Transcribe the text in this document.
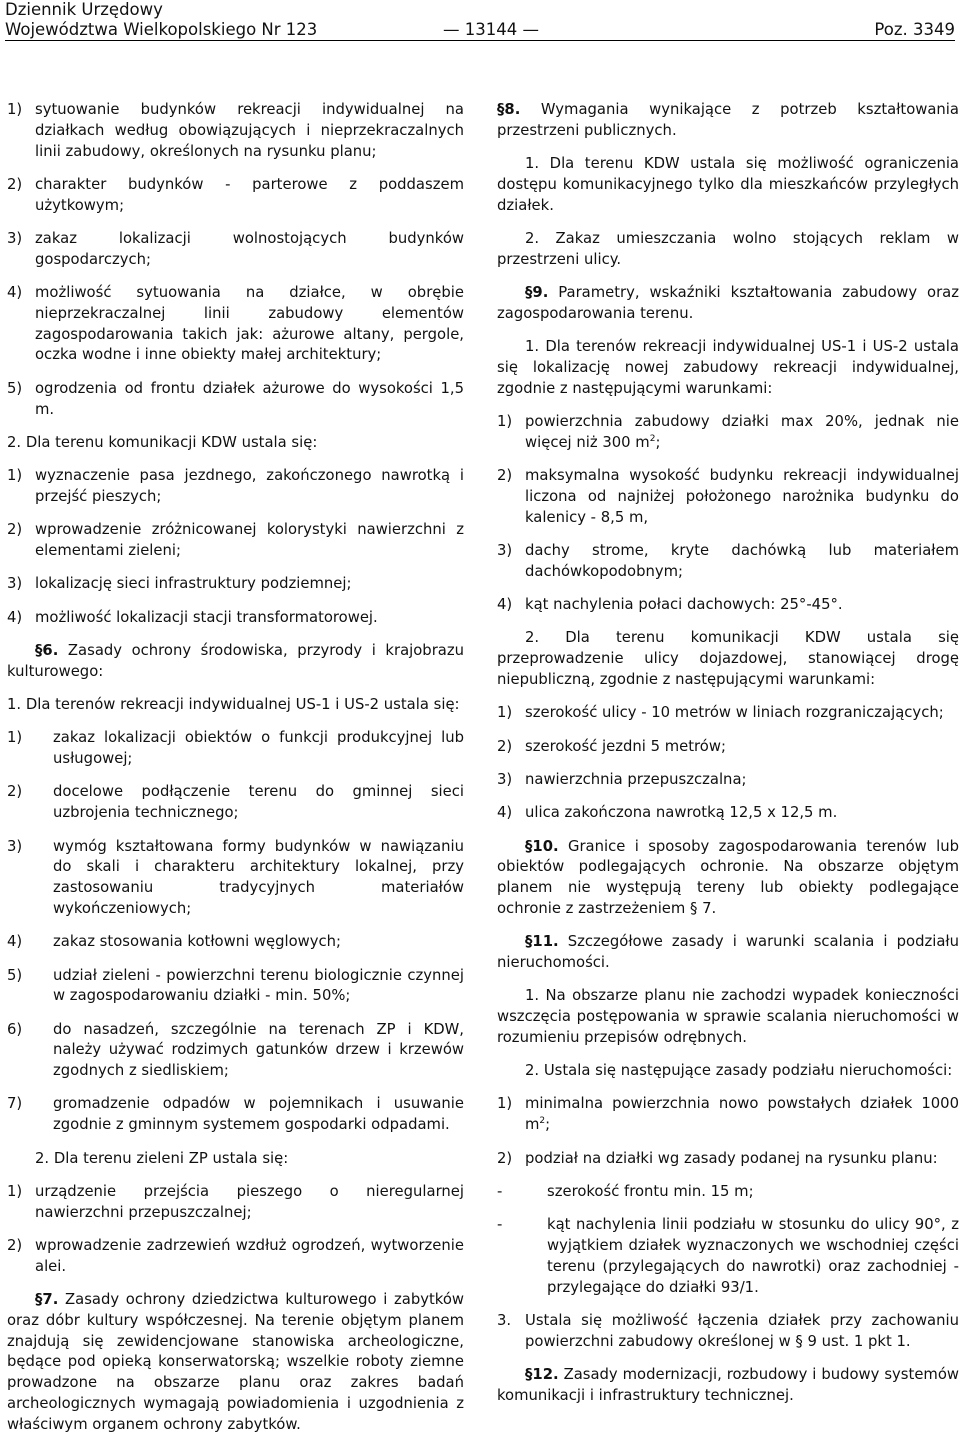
Dziennik Urzędowy
Województwa Wielkopolskiego Nr 123	— 13144 —	Poz. 3349

1) sytuowanie budynków rekreacji indywidualnej na działkach według obowiązujących i nieprzekraczalnych linii zabudowy, określonych na rysunku planu;

2) charakter budynków - parterowe z poddaszem użytkowym;

3) zakaz lokalizacji wolnostojących budynków gospodarczych;

4) możliwość sytuowania na działce, w obrębie nieprzekraczalnej linii zabudowy elementów zagospodarowania takich jak: ażurowe altany, pergole, oczka wodne i inne obiekty małej architektury;

5) ogrodzenia od frontu działek ażurowe do wysokości 1,5 m.

2. Dla terenu komunikacji KDW ustala się:

1) wyznaczenie pasa jezdnego, zakończonego nawrotką i przejść pieszych;

2) wprowadzenie zróżnicowanej kolorystyki nawierzchni z elementami zieleni;

3) lokalizację sieci infrastruktury podziemnej;

4) możliwość lokalizacji stacji transformatorowej.

§6. Zasady ochrony środowiska, przyrody i krajobrazu kulturowego:

1. Dla terenów rekreacji indywidualnej US-1 i US-2 ustala się:

1) zakaz lokalizacji obiektów o funkcji produkcyjnej lub usługowej;

2) docelowe podłączenie terenu do gminnej sieci uzbrojenia technicznego;

3) wymóg kształtowana formy budynków w nawiązaniu do skali i charakteru architektury lokalnej, przy zastosowaniu tradycyjnych materiałów wykończeniowych;

4) zakaz stosowania kotłowni węglowych;

5) udział zieleni - powierzchni terenu biologicznie czynnej w zagospodarowaniu działki - min. 50%;

6) do nasadzeń, szczególnie na terenach ZP i KDW, należy używać rodzimych gatunków drzew i krzewów zgodnych z siedliskiem;

7) gromadzenie odpadów w pojemnikach i usuwanie zgodnie z gminnym systemem gospodarki odpadami.

2. Dla terenu zieleni ZP ustala się:

1) urządzenie przejścia pieszego o nieregularnej nawierzchni przepuszczalnej;

2) wprowadzenie zadrzewień wzdłuż ogrodzeń, wytworzenie alei.

§7. Zasady ochrony dziedzictwa kulturowego i zabytków oraz dóbr kultury współczesnej. Na terenie objętym planem znajdują się zewidencjowane stanowiska archeologiczne, będące pod opieką konserwatorską; wszelkie roboty ziemne prowadzone na obszarze planu oraz zakres badań archeologicznych wymagają powiadomienia i uzgodnienia z właściwym organem ochrony zabytków.

§8. Wymagania wynikające z potrzeb kształtowania przestrzeni publicznych.

1. Dla terenu KDW ustala się możliwość ograniczenia dostępu komunikacyjnego tylko dla mieszkańców przyległych działek.

2. Zakaz umieszczania wolno stojących reklam w przestrzeni ulicy.

§9. Parametry, wskaźniki kształtowania zabudowy oraz zagospodarowania terenu.

1. Dla terenów rekreacji indywidualnej US-1 i US-2 ustala się lokalizację nowej zabudowy rekreacji indywidualnej, zgodnie z następującymi warunkami:

1) powierzchnia zabudowy działki max 20%, jednak nie więcej niż 300 $m^2$;

2) maksymalna wysokość budynku rekreacji indywidualnej liczona od najniżej położonego narożnika budynku do kalenicy - 8,5 m,

3) dachy strome, kryte dachówką lub materiałem dachówkopodobnym;

4) kąt nachylenia połaci dachowych: 25°-45°.

2. Dla terenu komunikacji KDW ustala się przeprowadzenie ulicy dojazdowej, stanowiącej drogę niepubliczną, zgodnie z następującymi warunkami:

1) szerokość ulicy - 10 metrów w liniach rozgraniczających;

2) szerokość jezdni 5 metrów;

3) nawierzchnia przepuszczalna;

4) ulica zakończona nawrotką 12,5 x 12,5 m.

§10. Granice i sposoby zagospodarowania terenów lub obiektów podlegających ochronie. Na obszarze objętym planem nie występują tereny lub obiekty podlegające ochronie z zastrzeżeniem § 7.

§11. Szczegółowe zasady i warunki scalania i podziału nieruchomości.

1. Na obszarze planu nie zachodzi wypadek konieczności wszczęcia postępowania w sprawie scalania nieruchomości w rozumieniu przepisów odrębnych.

2. Ustala się następujące zasady podziału nieruchomości:

1) minimalna powierzchnia nowo powstałych działek 1000 $m^2$;

2) podział na działki wg zasady podanej na rysunku planu:

-	szerokość frontu min. 15 m;

-	kąt nachylenia linii podziału w stosunku do ulicy 90°, z wyjątkiem działek wyznaczonych we wschodniej części terenu (przylegających do nawrotki) oraz zachodniej - przylegające do działki 93/1.

3. Ustala się możliwość łączenia działek przy zachowaniu powierzchni zabudowy określonej w § 9 ust. 1 pkt 1.

§12. Zasady modernizacji, rozbudowy i budowy systemów komunikacji i infrastruktury technicznej.
